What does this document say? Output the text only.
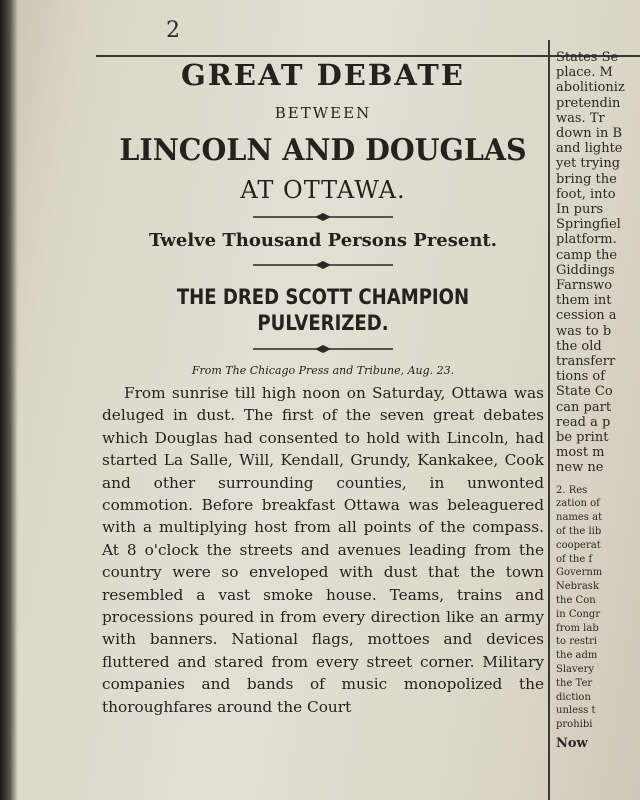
2
GREAT DEBATE
BETWEEN
LINCOLN AND DOUGLAS
AT OTTAWA.
Twelve Thousand Persons Present.
THE DRED SCOTT CHAMPION PULVERIZED.
From The Chicago Press and Tribune, Aug. 23.
From sunrise till high noon on Saturday, Ottawa was deluged in dust. The first of the seven great debates which Douglas had consented to hold with Lincoln, had started La Salle, Will, Kendall, Grundy, Kankakee, Cook and other surrounding counties, in unwonted commotion. Before breakfast Ottawa was beleaguered with a multiplying host from all points of the compass. At 8 o'clock the streets and avenues leading from the country were so enveloped with dust that the town resembled a vast smoke house. Teams, trains and processions poured in from every direction like an army with banners. National flags, mottoes and devices fluttered and stared from every street corner. Military companies and bands of music monopolized the thoroughfares around the Court
States Se
place. M
abolitioniz
pretendin
was. Tr
down in B
and lighte
yet trying
bring the
foot, into
In purs
Springfiel
platform.
camp the
Giddings
Farnswo
them int
cession a
was to b
the old
transferr
tions of
State Co
can part
read a p
be print
most m
new ne
2. Res
zation of
names at
of the lib
cooperat
of the f
Governm
Nebrask
the Con
in Congr
from lab
to restri
the adm
Slavery
the Ter
diction
unless t
prohibi
Now
